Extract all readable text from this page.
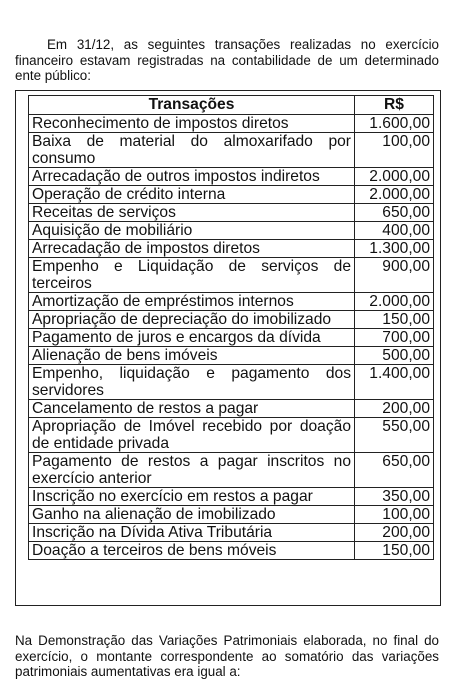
Em 31/12, as seguintes transações realizadas no exercício financeiro estavam registradas na contabilidade de um determinado ente público:

Transações	R$
Reconhecimento de impostos diretos	1.600,00
Baixa de material do almoxarifado por consumo	100,00
Arrecadação de outros impostos indiretos	2.000,00
Operação de crédito interna	2.000,00
Receitas de serviços	650,00
Aquisição de mobiliário	400,00
Arrecadação de impostos diretos	1.300,00
Empenho e Liquidação de serviços de terceiros	900,00
Amortização de empréstimos internos	2.000,00
Apropriação de depreciação do imobilizado	150,00
Pagamento de juros e encargos da dívida	700,00
Alienação de bens imóveis	500,00
Empenho, liquidação e pagamento dos servidores	1.400,00
Cancelamento de restos a pagar	200,00
Apropriação de Imóvel recebido por doação de entidade privada	550,00
Pagamento de restos a pagar inscritos no exercício anterior	650,00
Inscrição no exercício em restos a pagar	350,00
Ganho na alienação de imobilizado	100,00
Inscrição na Dívida Ativa Tributária	200,00
Doação a terceiros de bens móveis	150,00

Na Demonstração das Variações Patrimoniais elaborada, no final do exercício, o montante correspondente ao somatório das variações patrimoniais aumentativas era igual a:
